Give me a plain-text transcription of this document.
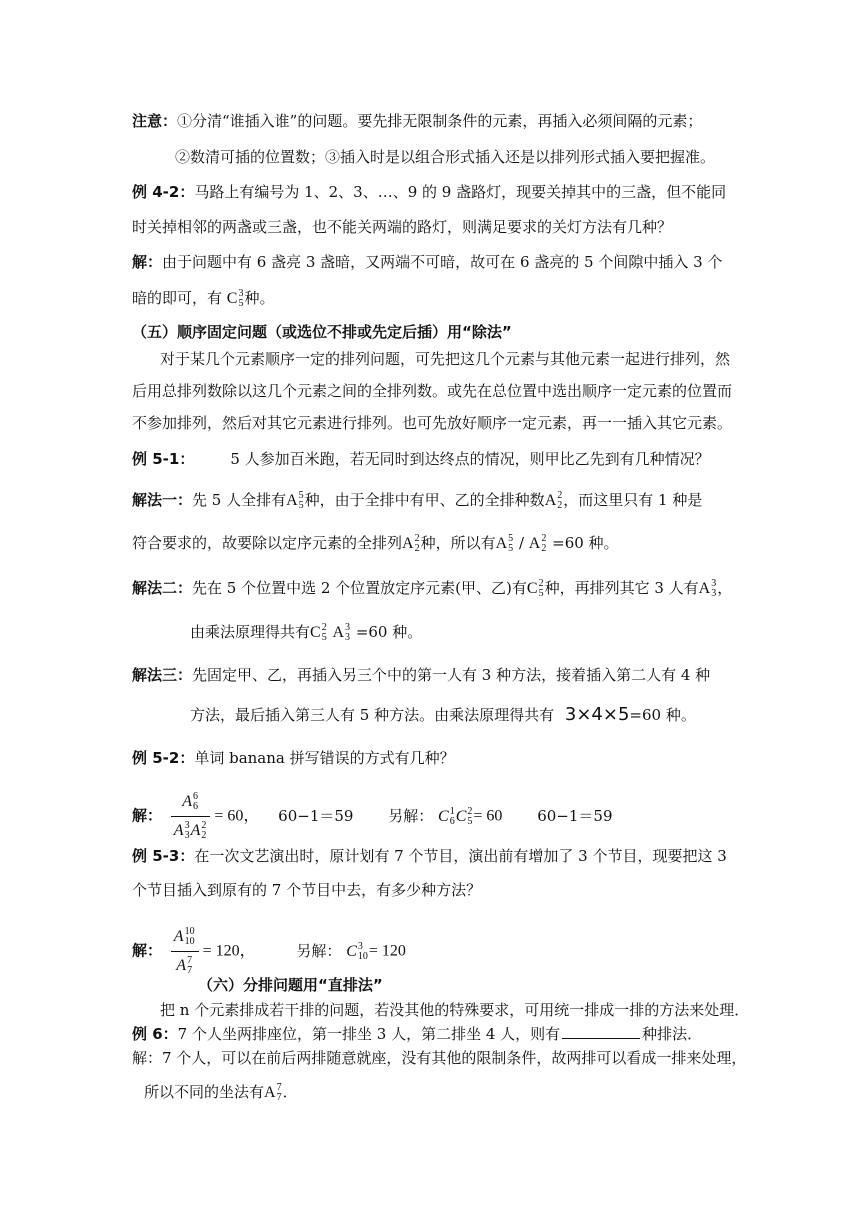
注意：①分清“谁插入谁”的问题。要先排无限制条件的元素，再插入必须间隔的元素；
②数清可插的位置数；③插入时是以组合形式插入还是以排列形式插入要把握准。
例 4-2：马路上有编号为 1、2、3、…、9 的 9 盏路灯，现要关掉其中的三盏，但不能同
时关掉相邻的两盏或三盏，也不能关两端的路灯，则满足要求的关灯方法有几种？
解：由于问题中有 6 盏亮 3 盏暗，又两端不可暗，故可在 6 盏亮的 5 个间隙中插入 3 个
暗的即可，有 C 3
5 种。
（五）顺序固定问题（或选位不排或先定后插）用“除法”
对于某几个元素顺序一定的排列问题，可先把这几个元素与其他元素一起进行排列，然
后用总排列数除以这几个元素之间的全排列数。或先在总位置中选出顺序一定元素的位置而
不参加排列，然后对其它元素进行排列。也可先放好顺序一定元素，再一一插入其它元素。
例 5-1： 5 人参加百米跑，若无同时到达终点的情况，则甲比乙先到有几种情况？
解法一：先 5 人全排有A 5
5 种，由于全排中有甲、乙的全排种数A 2
2 ，而这里只有 1 种是
符合要求的，故要除以定序元素的全排列A 2
2 种，所以有A 5
5 / A 2
2 =60 种。
解法二：先在 5 个位置中选 2 个位置放定序元素(甲、乙)有C 2
5 种，再排列其它 3 人有A 3
3 ，
由乘法原理得共有C 2
5 A 3
3 =60 种。
解法三：先固定甲、乙，再插入另三个中的第一人有 3 种方法，接着插入第二人有 4 种
方法，最后插入第三人有 5 种方法。由乘法原理得共有 3×4×5=60 种。
例 5-2：单词 banana 拼写错误的方式有几种？
解： A 6
6
A 3
3 A 2
2 = 60， 60−1＝59 另解： C 1
6 C 2
5 = 60 60−1＝59
例 5-3：在一次文艺演出时，原计划有 7 个节目，演出前有增加了 3 个节目，现要把这 3
个节目插入到原有的 7 个节目中去，有多少种方法？
解： A 10
10
A 7
7 = 120，	另解： C 3
10 = 120
（六）分排问题用“直排法”
把 n 个元素排成若干排的问题，若没其他的特殊要求，可用统一排成一排的方法来处理．
例 6：7 个人坐两排座位，第一排坐 3 人，第二排坐 4 人，则有	种排法．
解：7 个人，可以在前后两排随意就座，没有其他的限制条件，故两排可以看成一排来处理，
所以不同的坐法有A 7
7 ．
